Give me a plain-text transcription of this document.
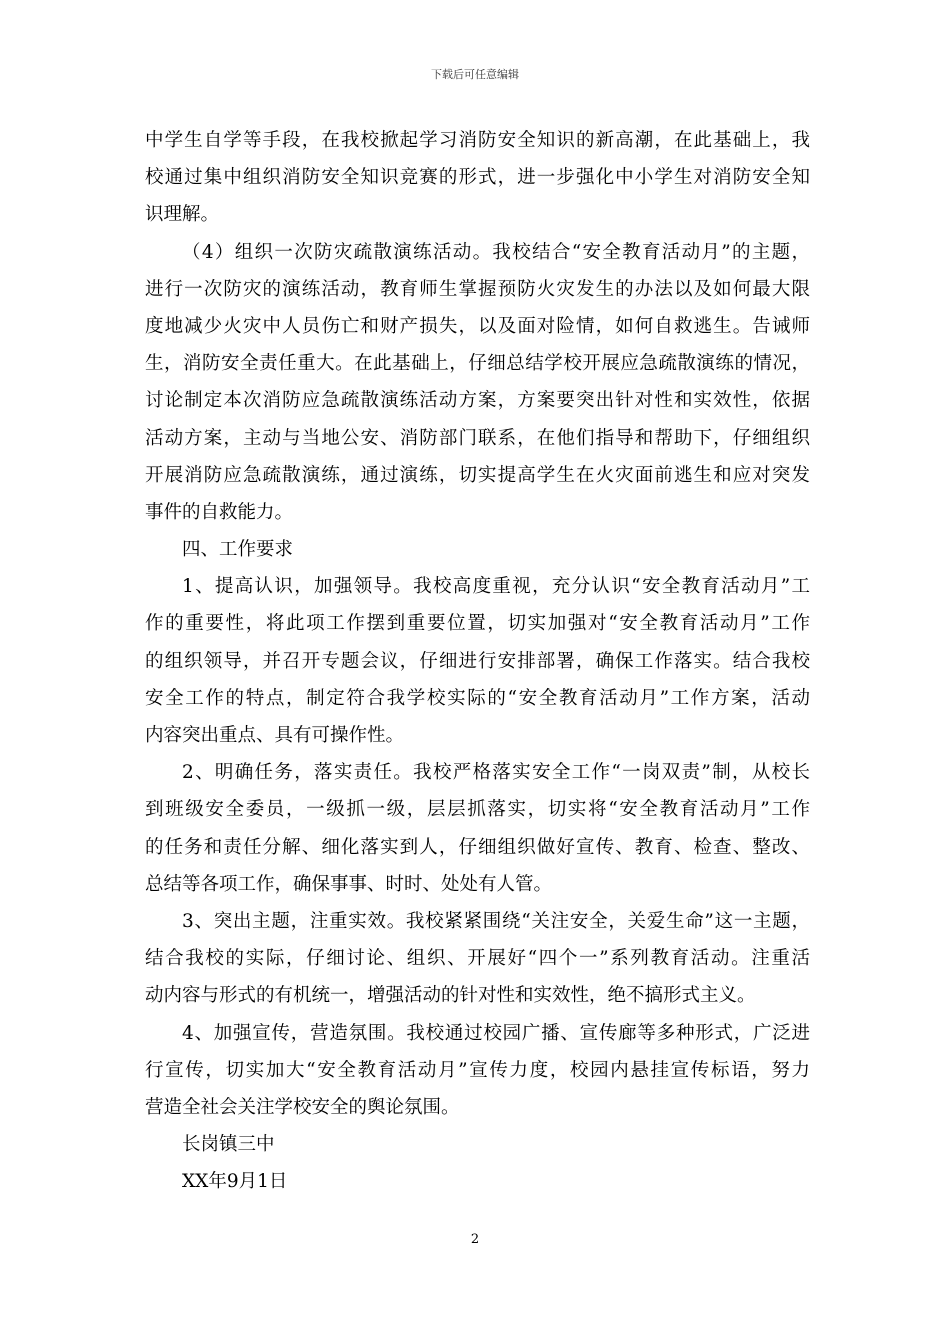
下载后可任意编辑
中学生自学等手段，在我校掀起学习消防安全知识的新高潮，在此基础上，我
校通过集中组织消防安全知识竞赛的形式，进一步强化中小学生对消防安全知
识理解。
（4）组织一次防灾疏散演练活动。我校结合“安全教育活动月”的主题，
进行一次防灾的演练活动，教育师生掌握预防火灾发生的办法以及如何最大限
度地减少火灾中人员伤亡和财产损失，以及面对险情，如何自救逃生。告诫师
生，消防安全责任重大。在此基础上，仔细总结学校开展应急疏散演练的情况，
讨论制定本次消防应急疏散演练活动方案，方案要突出针对性和实效性，依据
活动方案，主动与当地公安、消防部门联系，在他们指导和帮助下，仔细组织
开展消防应急疏散演练，通过演练，切实提高学生在火灾面前逃生和应对突发
事件的自救能力。
四、工作要求
1、提高认识，加强领导。我校高度重视，充分认识“安全教育活动月”工
作的重要性，将此项工作摆到重要位置，切实加强对“安全教育活动月”工作
的组织领导，并召开专题会议，仔细进行安排部署，确保工作落实。结合我校
安全工作的特点，制定符合我学校实际的“安全教育活动月”工作方案，活动
内容突出重点、具有可操作性。
2、明确任务，落实责任。我校严格落实安全工作“一岗双责”制，从校长
到班级安全委员，一级抓一级，层层抓落实，切实将“安全教育活动月”工作
的任务和责任分解、细化落实到人，仔细组织做好宣传、教育、检查、整改、
总结等各项工作，确保事事、时时、处处有人管。
3、突出主题，注重实效。我校紧紧围绕“关注安全，关爱生命”这一主题，
结合我校的实际，仔细讨论、组织、开展好“四个一”系列教育活动。注重活
动内容与形式的有机统一，增强活动的针对性和实效性，绝不搞形式主义。
4、加强宣传，营造氛围。我校通过校园广播、宣传廊等多种形式，广泛进
行宣传，切实加大“安全教育活动月”宣传力度，校园内悬挂宣传标语，努力
营造全社会关注学校安全的舆论氛围。
长岗镇三中
XX年9月1日
2
